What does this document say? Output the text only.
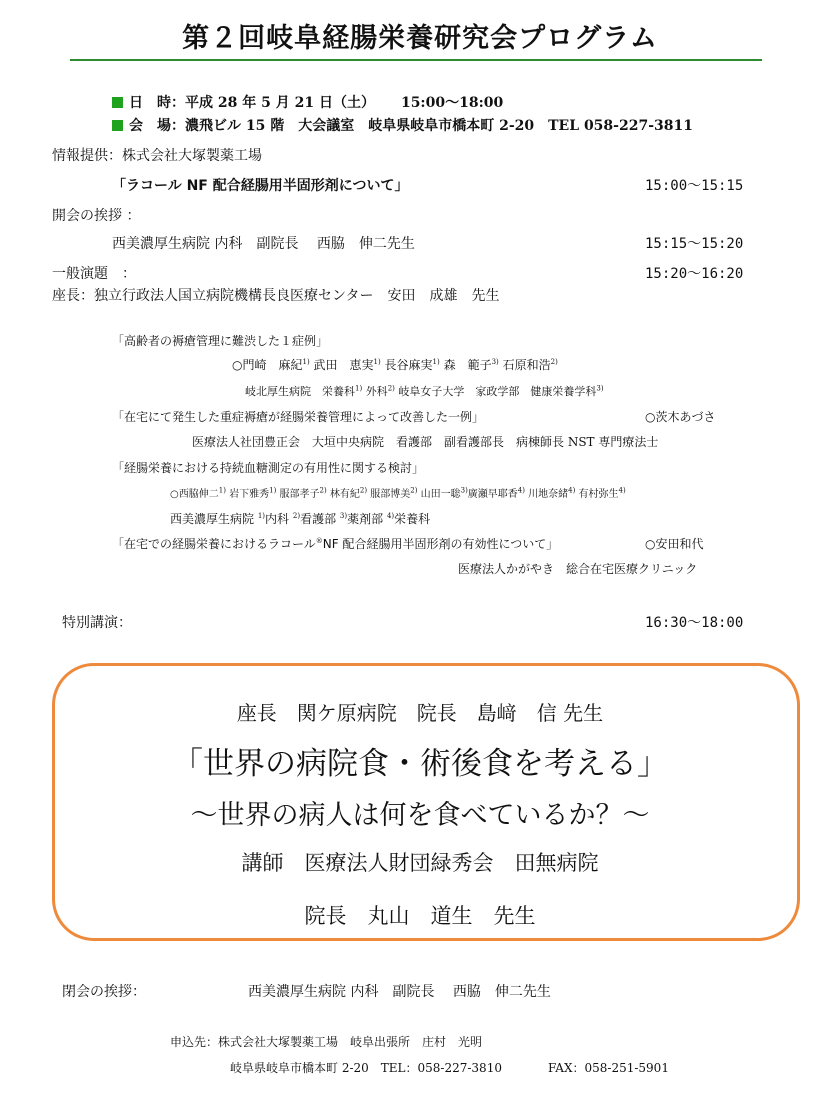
第２回岐阜経腸栄養研究会プログラム
日　時：平成 28 年 5 月 21 日（土） 15:00〜18:00
会　場：濃飛ビル 15 階　大会議室　岐阜県岐阜市橋本町 2-20　TEL 058-227-3811
情報提供：株式会社大塚製薬工場
「ラコール NF 配合経腸用半固形剤について」	15:00〜15:15
開会の挨拶 ：
西美濃厚生病院 内科　副院長　 西脇　伸二先生	15:15〜15:20
一般演題　：	15:20〜16:20
座長：独立行政法人国立病院機構長良医療センター　安田　成雄　先生
「高齢者の褥瘡管理に難渋した１症例」
○門崎　麻紀$^{1)}$ 武田　恵実$^{1)}$ 長谷麻実$^{1)}$ 森　範子$^{3)}$ 石原和浩$^{2)}$
岐北厚生病院　栄養科$^{1)}$ 外科$^{2)}$ 岐阜女子大学　家政学部　健康栄養学科$^{3)}$
「在宅にて発生した重症褥瘡が経腸栄養管理によって改善した一例」	○茨木あづさ
医療法人社団豊正会　大垣中央病院　看護部　副看護部長　病棟師長 NST 専門療法士
「経腸栄養における持続血糖測定の有用性に関する検討」
○西脇伸二$^{1)}$ 岩下雅秀$^{1)}$ 服部孝子$^{2)}$ 林有紀$^{2)}$ 服部博美$^{2)}$ 山田一聡$^{3)}$廣瀬早耶香$^{4)}$ 川地奈緒$^{4)}$ 有村弥生$^{4)}$
西美濃厚生病院 $^{1)}$内科 $^{2)}$看護部 $^{3)}$薬剤部 $^{4)}$栄養科
「在宅での経腸栄養におけるラコール®NF 配合経腸用半固形剤の有効性について」	○安田和代
医療法人かがやき　総合在宅医療クリニック
特別講演：	16:30〜18:00
座長　関ケ原病院　院長　島﨑　信 先生
「世界の病院食・術後食を考える」
〜世界の病人は何を食べているか？〜
講師　医療法人財団緑秀会　田無病院
院長　丸山　道生　先生
閉会の挨拶：	西美濃厚生病院 内科　副院長　 西脇　伸二先生
申込先：株式会社大塚製薬工場　岐阜出張所　庄村　光明
岐阜県岐阜市橋本町 2-20　TEL：058-227-3810	FAX：058-251-5901
